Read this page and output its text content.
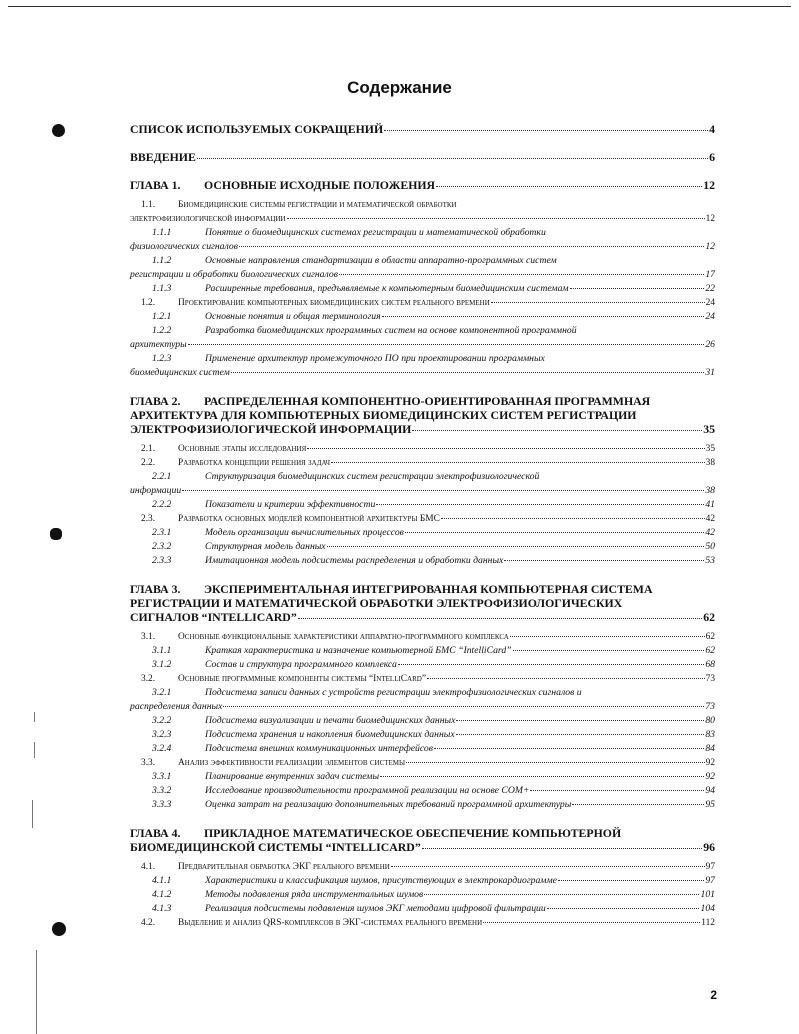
Содержание
СПИСОК ИСПОЛЬЗУЕМЫХ СОКРАЩЕНИЙ	4
ВВЕДЕНИЕ	6
ГЛАВА 1.	ОСНОВНЫЕ ИСХОДНЫЕ ПОЛОЖЕНИЯ	12
1.1. Биомедицинские системы регистрации и математической обработки
электрофизиологической информации	12
1.1.1	Понятие о биомедицинских системах регистрации и математической обработки
физиологических сигналов	12
1.1.2	Основные направления стандартизации в области аппаратно-программных систем
регистрации и обработки биологических сигналов	17
1.1.3	Расширенные требования, предъявляемые к компьютерным биомедицинским системам	22
1.2.	Проектирование компьютерных биомедицинских систем реального времени	24
1.2.1	Основные понятия и общая терминология	24
1.2.2	Разработка биомедицинских программных систем на основе компонентной программной
архитектуры	26
1.2.3	Применение архитектур промежуточного ПО при проектировании программных
биомедицинских систем	31
ГЛАВА 2. РАСПРЕДЕЛЕННАЯ КОМПОНЕНТНО-ОРИЕНТИРОВАННАЯ ПРОГРАММНАЯ
АРХИТЕКТУРА ДЛЯ КОМПЬЮТЕРНЫХ БИОМЕДИЦИНСКИХ СИСТЕМ РЕГИСТРАЦИИ
ЭЛЕКТРОФИЗИОЛОГИЧЕСКОЙ ИНФОРМАЦИИ	35
2.1.	Основные этапы исследования	35
2.2.	Разработка концепции решения задач	38
2.2.1	Структуризация биомедицинских систем регистрации электрофизиологической
информации	38
2.2.2	Показатели и критерии эффективности	41
2.3.	Разработка основных моделей компонентной архитектуры БМС	42
2.3.1	Модель организации вычислительных процессов	42
2.3.2	Структурная модель данных	50
2.3.3	Имитационная модель подсистемы распределения и обработки данных	53
ГЛАВА 3. ЭКСПЕРИМЕНТАЛЬНАЯ ИНТЕГРИРОВАННАЯ КОМПЬЮТЕРНАЯ СИСТЕМА
РЕГИСТРАЦИИ И МАТЕМАТИЧЕСКОЙ ОБРАБОТКИ ЭЛЕКТРОФИЗИОЛОГИЧЕСКИХ
СИГНАЛОВ “INTELLICARD”	62
3.1.	Основные функциональные характеристики аппаратно-программного комплекса	62
3.1.1	Краткая характеристика и назначение компьютерной БМС “IntelliCard”	62
3.1.2	Состав и структура программного комплекса	68
3.2.	Основные программные компоненты системы “IntelliCard”	73
3.2.1	Подсистема записи данных с устройств регистрации электрофизиологических сигналов и
распределения данных	73
3.2.2	Подсистема визуализации и печати биомедицинских данных	80
3.2.3	Подсистема хранения и накопления биомедицинских данных	83
3.2.4	Подсистема внешних коммуникационных интерфейсов	84
3.3.	Анализ эффективности реализации элементов системы	92
3.3.1	Планирование внутренних задач системы	92
3.3.2	Исследование производительности программной реализации на основе COM+	94
3.3.3	Оценка затрат на реализацию дополнительных требований программной архитектуры	95
ГЛАВА 4. ПРИКЛАДНОЕ МАТЕМАТИЧЕСКОЕ ОБЕСПЕЧЕНИЕ КОМПЬЮТЕРНОЙ
БИОМЕДИЦИНСКОЙ СИСТЕМЫ “INTELLICARD”	96
4.1.	Предварительная обработка ЭКГ реального времени	97
4.1.1	Характеристики и классификация шумов, присутствующих в электрокардиограмме	97
4.1.2	Методы подавления ряда инструментальных шумов	101
4.1.3	Реализация подсистемы подавления шумов ЭКГ методами цифровой фильтрации	104
4.2.	Выделение и анализ QRS-комплексов в ЭКГ-системах реального времени	112
2
